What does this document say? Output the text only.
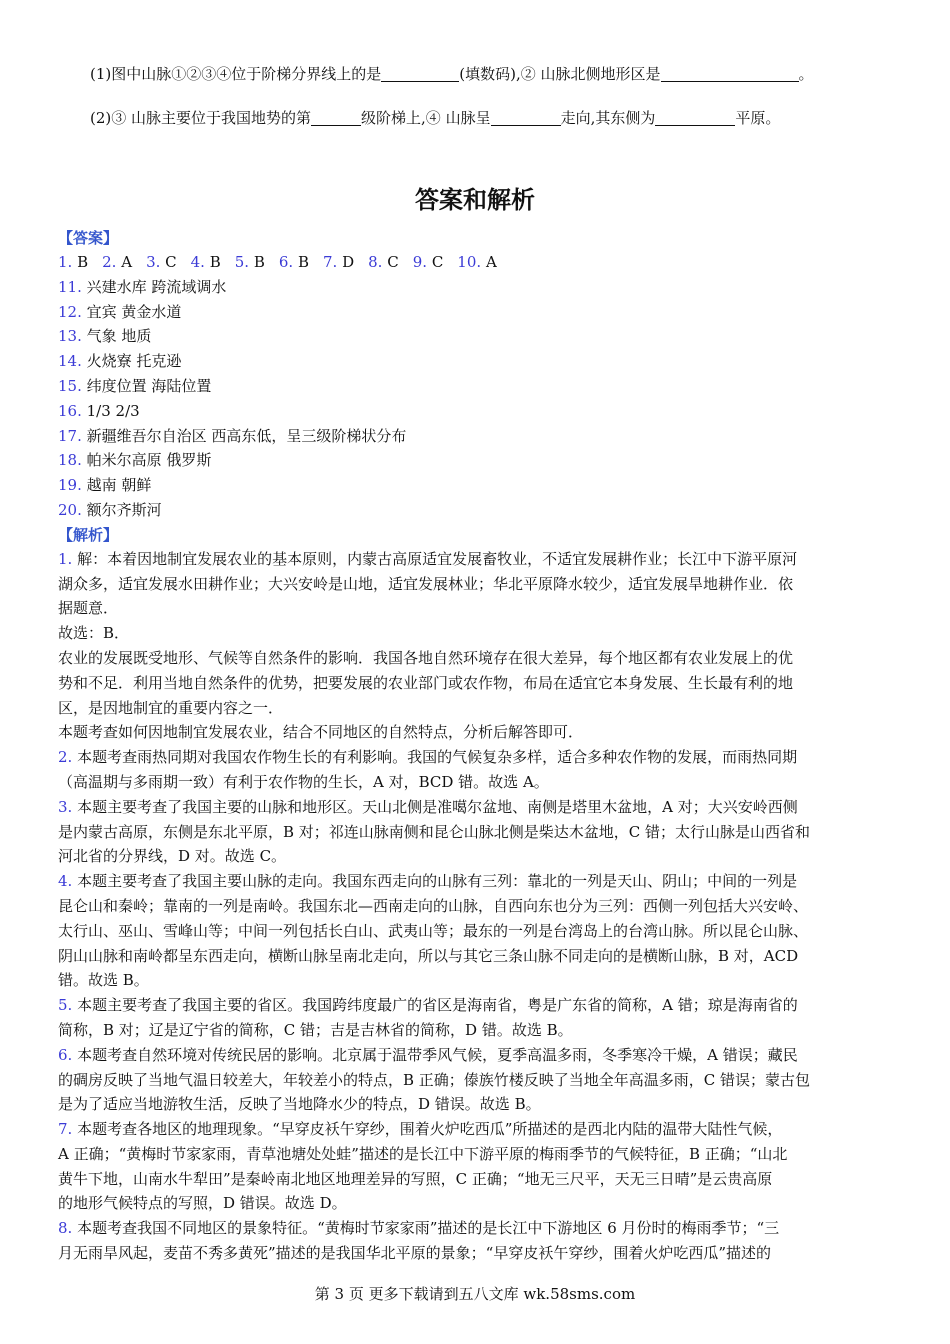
(1)图中山脉①②③④位于阶梯分界线上的是	(填数码),② 山脉北侧地形区是	。
(2)③ 山脉主要位于我国地势的第	级阶梯上,④ 山脉呈	走向,其东侧为	平原。
答案和解析
【答案】
1. B 2. A 3. C 4. B 5. B 6. B 7. D 8. C 9. C 10. A
11. 兴建水库 跨流域调水
12. 宜宾 黄金水道
13. 气象 地质
14. 火烧寮 托克逊
15. 纬度位置 海陆位置
16. 1/3 2/3
17. 新疆维吾尔自治区 西高东低，呈三级阶梯状分布
18. 帕米尔高原 俄罗斯
19. 越南 朝鲜
20. 额尔齐斯河
【解析】
1. 解：本着因地制宜发展农业的基本原则，内蒙古高原适宜发展畜牧业，不适宜发展耕作业；长江中下游平原河
湖众多，适宜发展水田耕作业；大兴安岭是山地，适宜发展林业；华北平原降水较少，适宜发展旱地耕作业．依
据题意．
故选：B．
农业的发展既受地形、气候等自然条件的影响．我国各地自然环境存在很大差异，每个地区都有农业发展上的优
势和不足．利用当地自然条件的优势，把要发展的农业部门或农作物，布局在适宜它本身发展、生长最有利的地
区，是因地制宜的重要内容之一．
本题考查如何因地制宜发展农业，结合不同地区的自然特点，分析后解答即可．
2. 本题考查雨热同期对我国农作物生长的有利影响。我国的气候复杂多样，适合多种农作物的发展，而雨热同期
（高温期与多雨期一致）有利于农作物的生长，A 对，BCD 错。故选 A。
3. 本题主要考查了我国主要的山脉和地形区。天山北侧是准噶尔盆地、南侧是塔里木盆地，A 对；大兴安岭西侧
是内蒙古高原，东侧是东北平原，B 对；祁连山脉南侧和昆仑山脉北侧是柴达木盆地，C 错；太行山脉是山西省和
河北省的分界线，D 对。故选 C。
4. 本题主要考查了我国主要山脉的走向。我国东西走向的山脉有三列：靠北的一列是天山、阴山；中间的一列是
昆仑山和秦岭；靠南的一列是南岭。我国东北—西南走向的山脉，自西向东也分为三列：西侧一列包括大兴安岭、
太行山、巫山、雪峰山等；中间一列包括长白山、武夷山等；最东的一列是台湾岛上的台湾山脉。所以昆仑山脉、
阴山山脉和南岭都呈东西走向，横断山脉呈南北走向，所以与其它三条山脉不同走向的是横断山脉，B 对，ACD
错。故选 B。
5. 本题主要考查了我国主要的省区。我国跨纬度最广的省区是海南省，粤是广东省的简称，A 错；琼是海南省的
简称，B 对；辽是辽宁省的简称，C 错；吉是吉林省的简称，D 错。故选 B。
6. 本题考查自然环境对传统民居的影响。北京属于温带季风气候，夏季高温多雨，冬季寒冷干燥，A 错误；藏民
的碉房反映了当地气温日较差大，年较差小的特点，B 正确；傣族竹楼反映了当地全年高温多雨，C 错误；蒙古包
是为了适应当地游牧生活，反映了当地降水少的特点，D 错误。故选 B。
7. 本题考查各地区的地理现象。“早穿皮袄午穿纱，围着火炉吃西瓜”所描述的是西北内陆的温带大陆性气候，
A 正确；“黄梅时节家家雨，青草池塘处处蛙”描述的是长江中下游平原的梅雨季节的气候特征，B 正确；“山北
黄牛下地，山南水牛犁田”是秦岭南北地区地理差异的写照，C 正确；“地无三尺平，天无三日晴”是云贵高原
的地形气候特点的写照，D 错误。故选 D。
8. 本题考查我国不同地区的景象特征。“黄梅时节家家雨”描述的是长江中下游地区 6 月份时的梅雨季节；“三
月无雨旱风起，麦苗不秀多黄死”描述的是我国华北平原的景象；“早穿皮袄午穿纱，围着火炉吃西瓜”描述的
第 3 页 更多下载请到五八文库 wk.58sms.com
